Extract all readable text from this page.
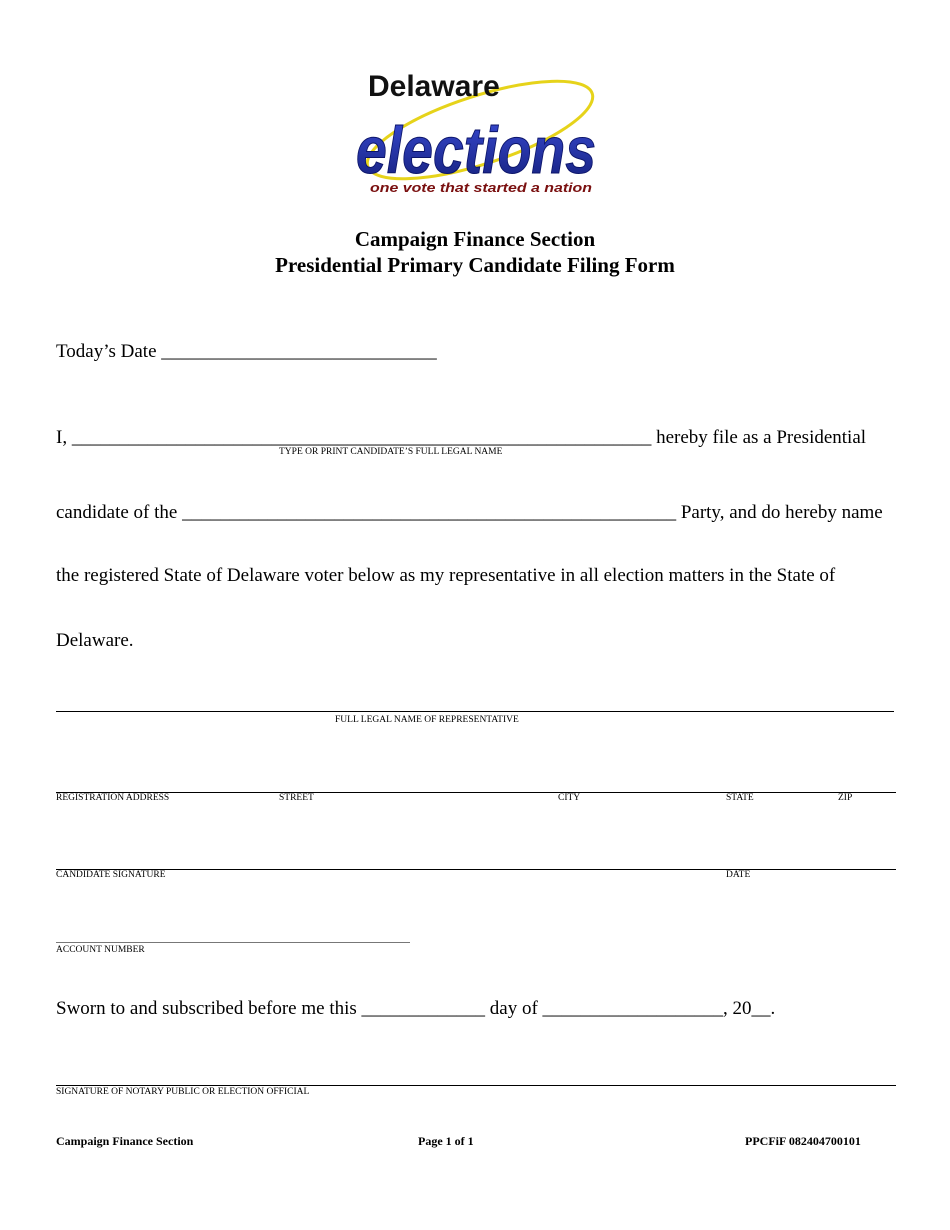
Delaware
elections
one vote that started a nation
Campaign Finance Section
Presidential Primary Candidate Filing Form
Today’s Date _____________________________
I, _____________________________________________________________ hereby file as a Presidential
TYPE OR PRINT CANDIDATE’S FULL LEGAL NAME
candidate of the ____________________________________________________ Party, and do hereby name
the registered State of Delaware voter below as my representative in all election matters in the State of
Delaware.
FULL LEGAL NAME OF REPRESENTATIVE
REGISTRATION ADDRESS	STREET	CITY	STATE	ZIP
CANDIDATE SIGNATURE	DATE
ACCOUNT NUMBER
Sworn to and subscribed before me this _____________ day of ___________________, 20__.
SIGNATURE OF NOTARY PUBLIC OR ELECTION OFFICIAL
Campaign Finance Section	Page 1 of 1	PPCFiF 082404700101
